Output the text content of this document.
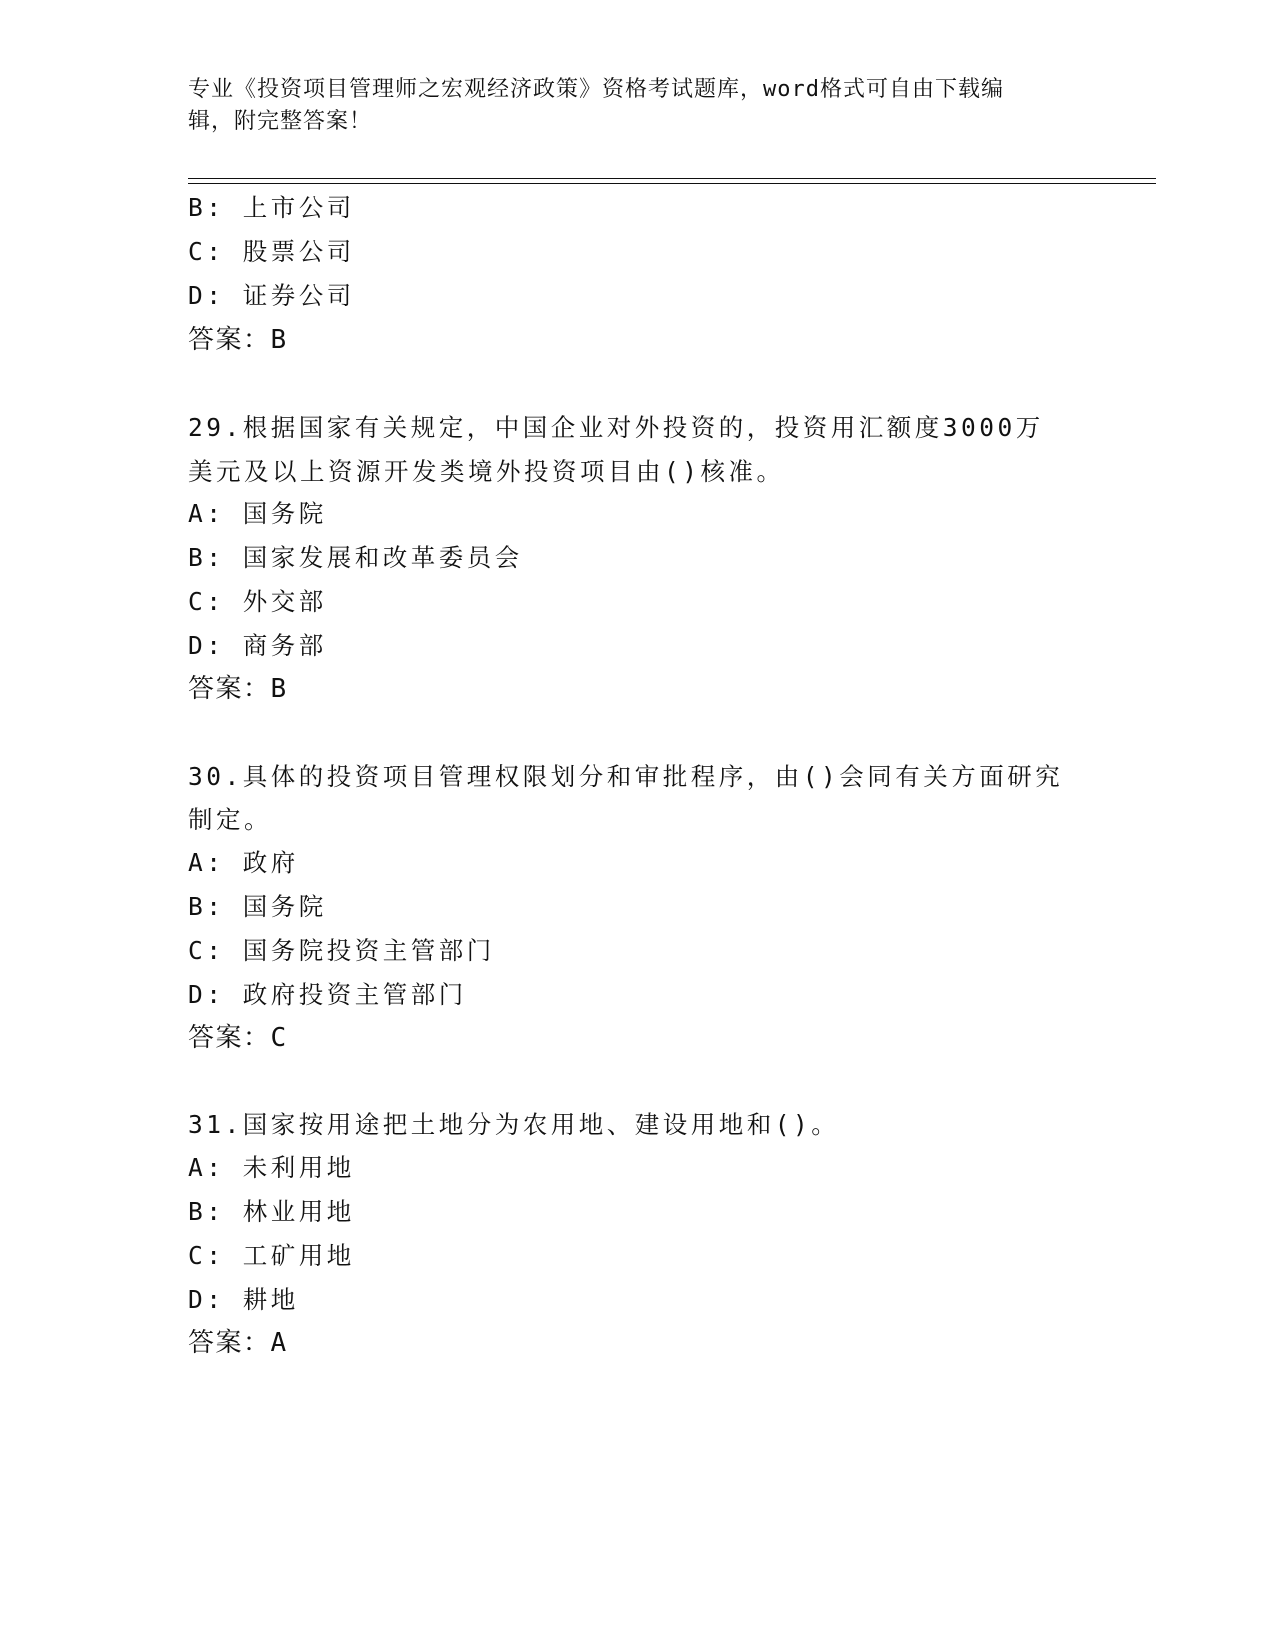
专业《投资项目管理师之宏观经济政策》资格考试题库，word格式可自由下载编
辑，附完整答案！
B: 上市公司
C: 股票公司
D: 证券公司
答案：B
29.根据国家有关规定，中国企业对外投资的，投资用汇额度3000万
美元及以上资源开发类境外投资项目由()核准。
A: 国务院
B: 国家发展和改革委员会
C: 外交部
D: 商务部
答案：B
30.具体的投资项目管理权限划分和审批程序，由()会同有关方面研究
制定。
A: 政府
B: 国务院
C: 国务院投资主管部门
D: 政府投资主管部门
答案：C
31.国家按用途把土地分为农用地、建设用地和()。
A: 未利用地
B: 林业用地
C: 工矿用地
D: 耕地
答案：A
